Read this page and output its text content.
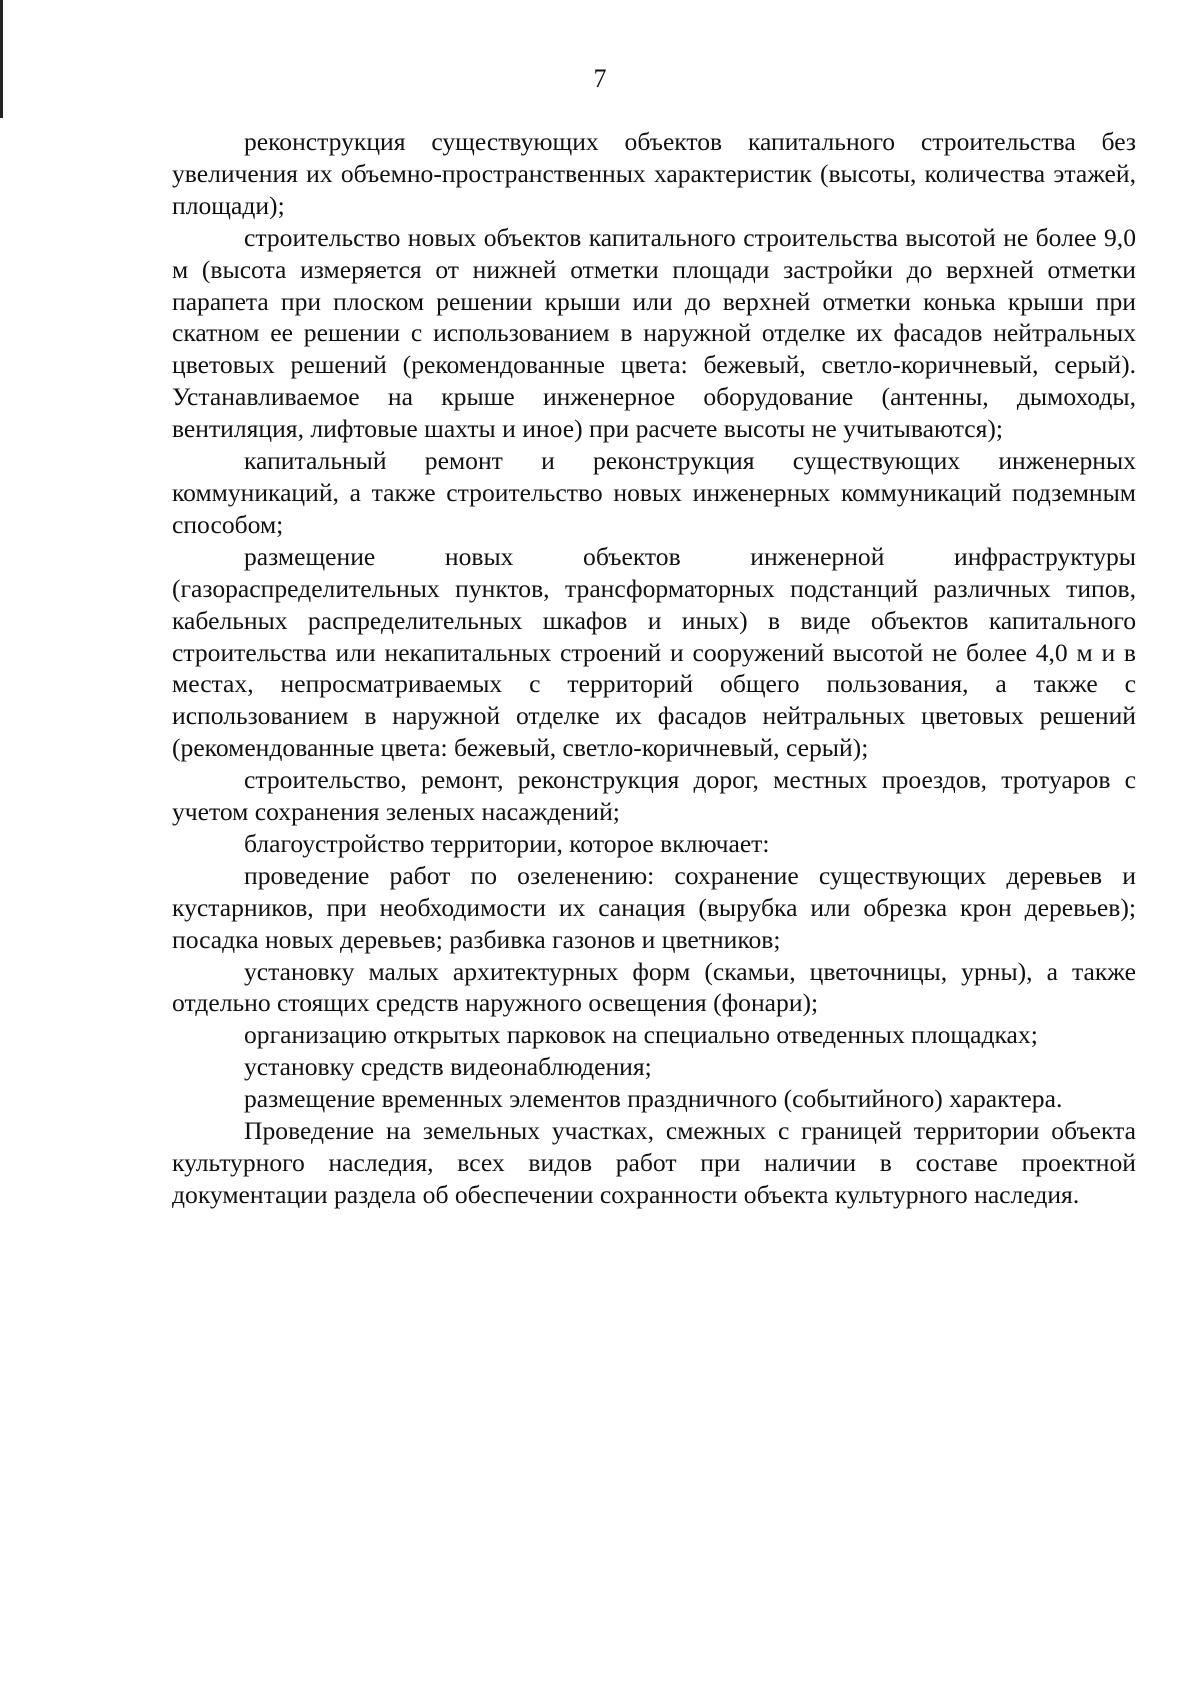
7

реконструкция существующих объектов капитального строительства без увеличения их объемно-пространственных характеристик (высоты, количества этажей, площади);

строительство новых объектов капитального строительства высотой не более 9,0 м (высота измеряется от нижней отметки площади застройки до верхней отметки парапета при плоском решении крыши или до верхней отметки конька крыши при скатном ее решении с использованием в наружной отделке их фасадов нейтральных цветовых решений (рекомендованные цвета: бежевый, светло-коричневый, серый). Устанавливаемое на крыше инженерное оборудование (антенны, дымоходы, вентиляция, лифтовые шахты и иное) при расчете высоты не учитываются);

капитальный ремонт и реконструкция существующих инженерных коммуникаций, а также строительство новых инженерных коммуникаций подземным способом;

размещение новых объектов инженерной инфраструктуры (газораспределительных пунктов, трансформаторных подстанций различных типов, кабельных распределительных шкафов и иных) в виде объектов капитального строительства или некапитальных строений и сооружений высотой не более 4,0 м и в местах, непросматриваемых с территорий общего пользования, а также с использованием в наружной отделке их фасадов нейтральных цветовых решений (рекомендованные цвета: бежевый, светло-коричневый, серый);

строительство, ремонт, реконструкция дорог, местных проездов, тротуаров с учетом сохранения зеленых насаждений;

благоустройство территории, которое включает:

проведение работ по озеленению: сохранение существующих деревьев и кустарников, при необходимости их санация (вырубка или обрезка крон деревьев); посадка новых деревьев; разбивка газонов и цветников;

установку малых архитектурных форм (скамьи, цветочницы, урны), а также отдельно стоящих средств наружного освещения (фонари);

организацию открытых парковок на специально отведенных площадках;

установку средств видеонаблюдения;

размещение временных элементов праздничного (событийного) характера.

Проведение на земельных участках, смежных с границей территории объекта культурного наследия, всех видов работ при наличии в составе проектной документации раздела об обеспечении сохранности объекта культурного наследия.
